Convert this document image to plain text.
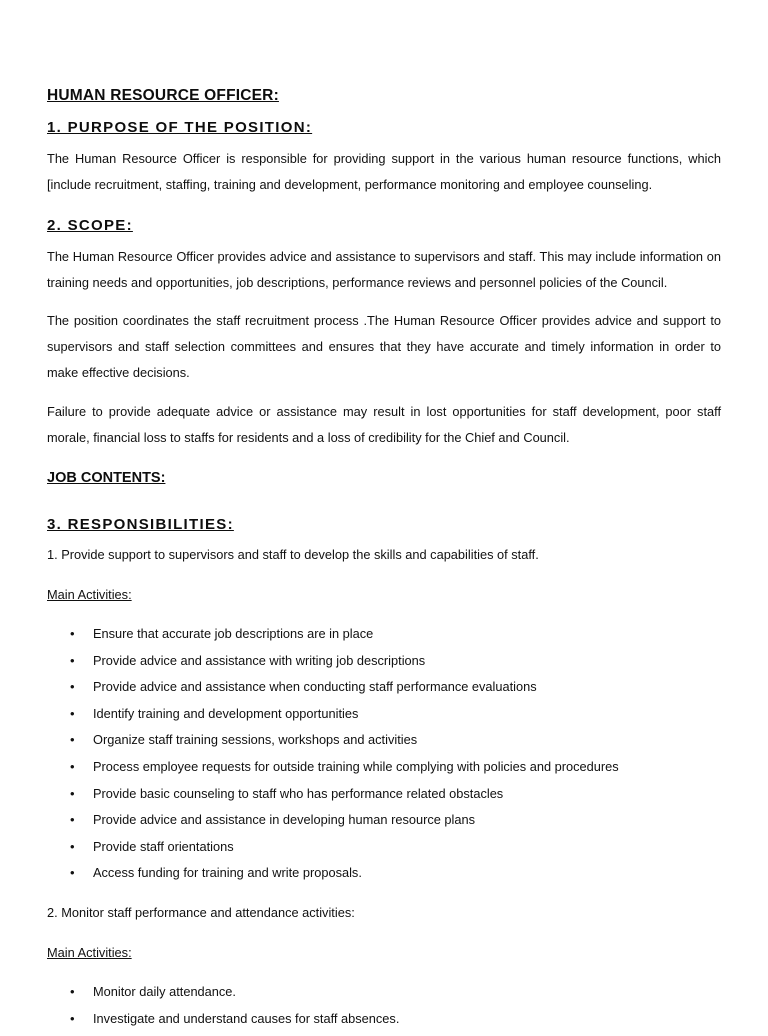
HUMAN RESOURCE OFFICER:
1. PURPOSE OF THE POSITION:

The Human Resource Officer is responsible for providing support in the various human resource functions, which [include recruitment, staffing, training and development, performance monitoring and employee counseling.

2. SCOPE:

The Human Resource Officer provides advice and assistance to supervisors and staff. This may include information on training needs and opportunities, job descriptions, performance reviews and personnel policies of the Council.

The position coordinates the staff recruitment process .The Human Resource Officer provides advice and support to supervisors and staff selection committees and ensures that they have accurate and timely information in order to make effective decisions.

Failure to provide adequate advice or assistance may result in lost opportunities for staff development, poor staff morale, financial loss to staffs for residents and a loss of credibility for the Chief and Council.

JOB CONTENTS:
3. RESPONSIBILITIES:

1. Provide support to supervisors and staff to develop the skills and capabilities of staff.

Main Activities:

• Ensure that accurate job descriptions are in place
• Provide advice and assistance with writing job descriptions
• Provide advice and assistance when conducting staff performance evaluations
• Identify training and development opportunities
• Organize staff training sessions, workshops and activities
• Process employee requests for outside training while complying with policies and procedures
• Provide basic counseling to staff who has performance related obstacles
• Provide advice and assistance in developing human resource plans
• Provide staff orientations
• Access funding for training and write proposals.

2. Monitor staff performance and attendance activities:

Main Activities:

• Monitor daily attendance.
• Investigate and understand causes for staff absences.
